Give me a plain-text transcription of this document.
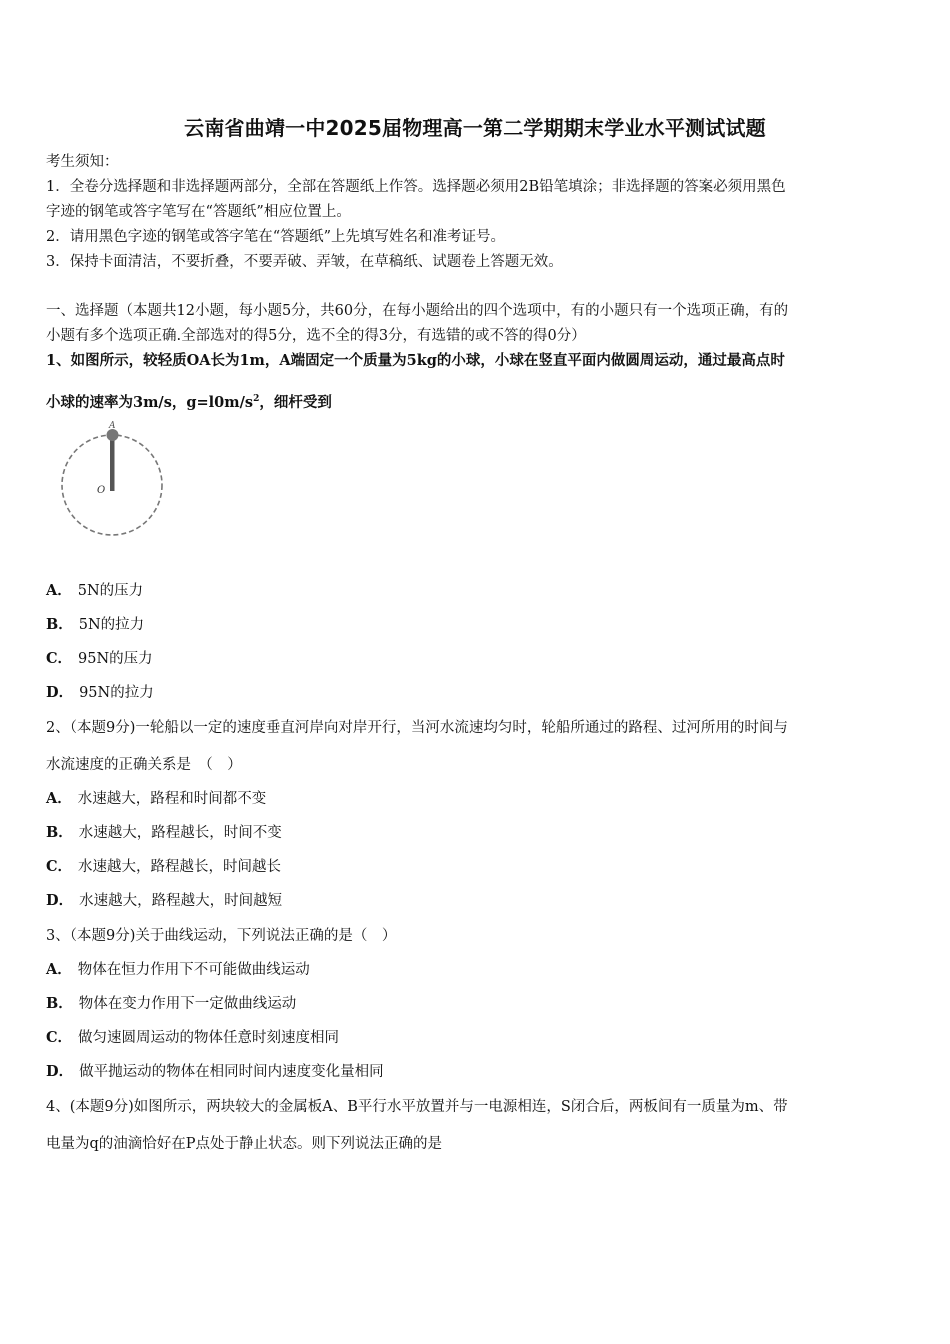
云南省曲靖一中2025届物理高一第二学期期末学业水平测试试题
考生须知：
1．全卷分选择题和非选择题两部分，全部在答题纸上作答。选择题必须用2B铅笔填涂；非选择题的答案必须用黑色
字迹的钢笔或答字笔写在“答题纸”相应位置上。
2．请用黑色字迹的钢笔或答字笔在“答题纸”上先填写姓名和准考证号。
3．保持卡面清洁，不要折叠，不要弄破、弄皱，在草稿纸、试题卷上答题无效。
一、选择题（本题共12小题，每小题5分，共60分，在每小题给出的四个选项中，有的小题只有一个选项正确，有的
小题有多个选项正确.全部选对的得5分，选不全的得3分，有选错的或不答的得0分）
1、如图所示，较轻质OA长为1m，A端固定一个质量为5kg的小球，小球在竖直平面内做圆周运动，通过最高点时
小球的速率为3m/s，$g=l0m/s^2$，细杆受到
A
O
A． 5N的压力
B． 5N的拉力
C． 95N的压力
D． 95N的拉力
2、（本题9分)一轮船以一定的速度垂直河岸向对岸开行，当河水流速均匀时，轮船所通过的路程、过河所用的时间与
水流速度的正确关系是　（　）
A． 水速越大，路程和时间都不变
B． 水速越大，路程越长，时间不变
C． 水速越大，路程越长，时间越长
D． 水速越大，路程越大，时间越短
3、（本题9分)关于曲线运动，下列说法正确的是（　）
A． 物体在恒力作用下不可能做曲线运动
B． 物体在变力作用下一定做曲线运动
C． 做匀速圆周运动的物体任意时刻速度相同
D． 做平抛运动的物体在相同时间内速度变化量相同
4、(本题9分)如图所示，两块较大的金属板A、B平行水平放置并与一电源相连，S闭合后，两板间有一质量为m、带
电量为q的油滴恰好在P点处于静止状态。则下列说法正确的是
